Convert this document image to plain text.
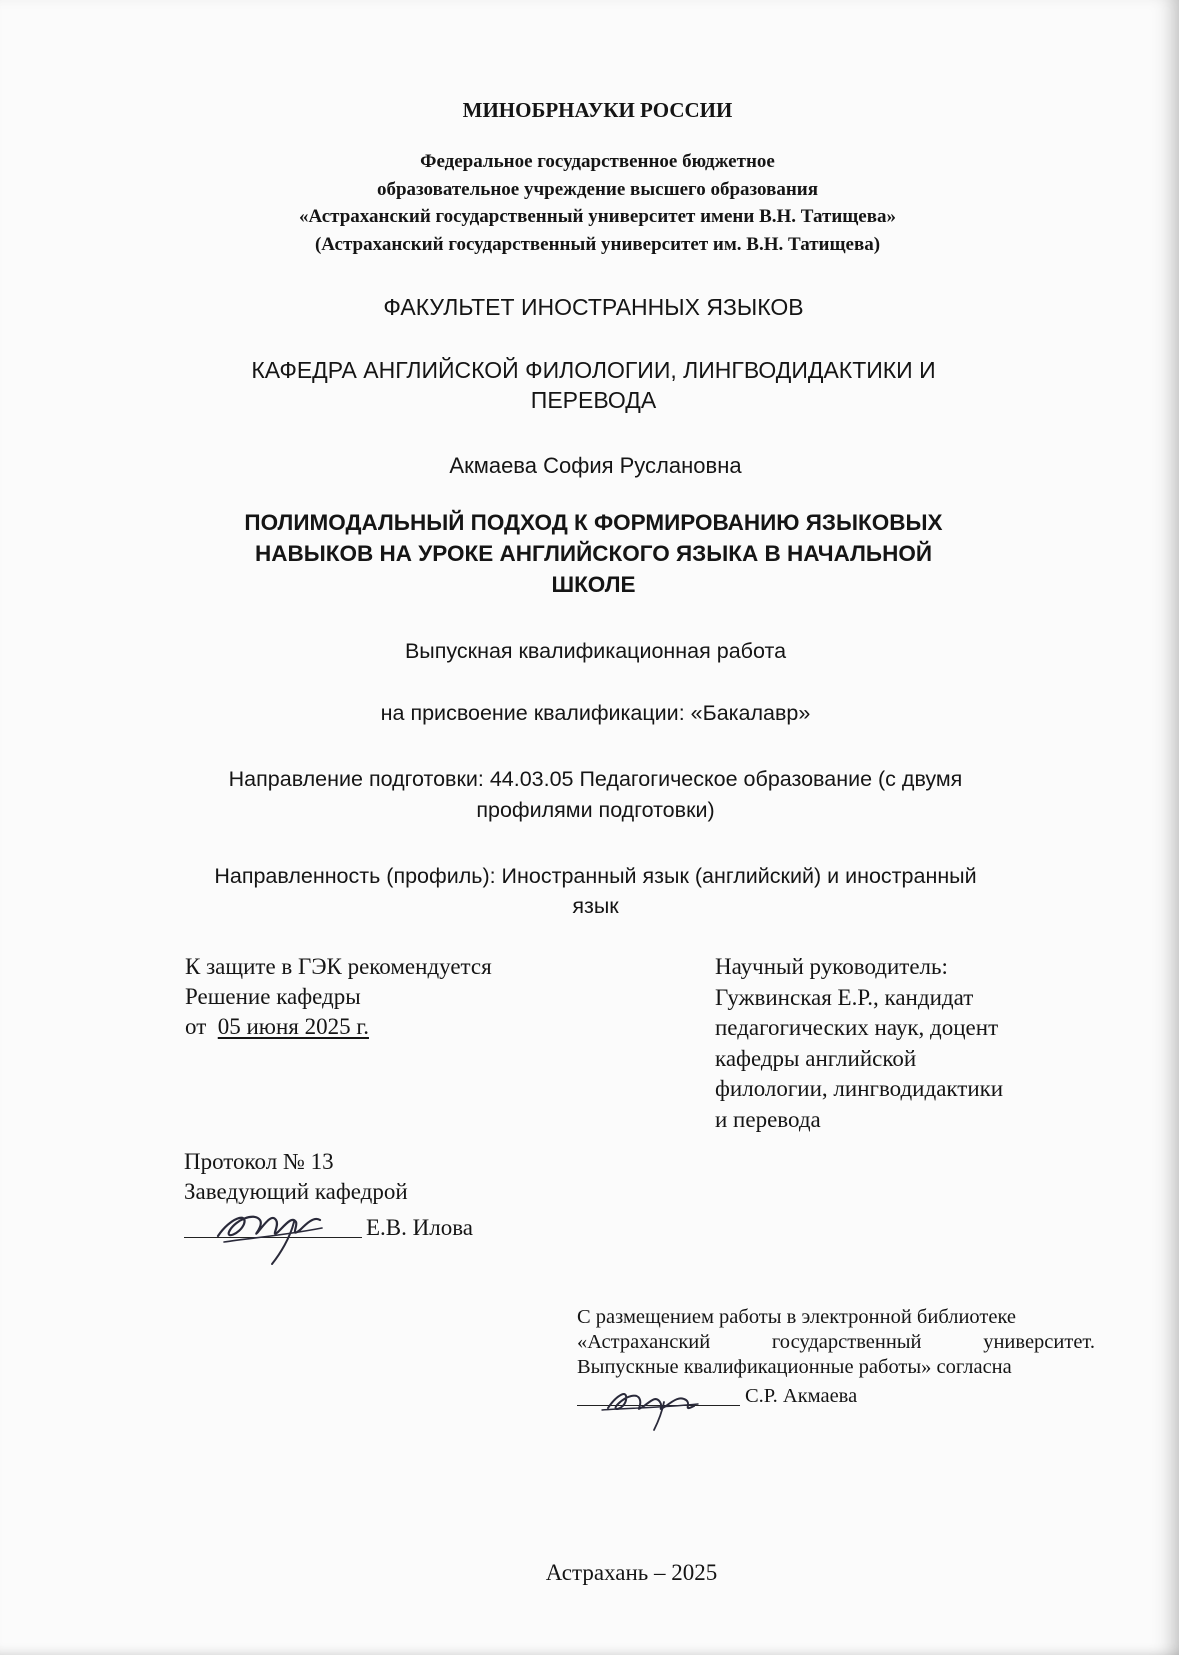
МИНОБРНАУКИ РОССИИ
Федеральное государственное бюджетное
образовательное учреждение высшего образования
«Астраханский государственный университет имени В.Н. Татищева»
(Астраханский государственный университет им. В.Н. Татищева)
ФАКУЛЬТЕТ ИНОСТРАННЫХ ЯЗЫКОВ
КАФЕДРА АНГЛИЙСКОЙ ФИЛОЛОГИИ, ЛИНГВОДИДАКТИКИ И
ПЕРЕВОДА
Акмаева София Руслановна
ПОЛИМОДАЛЬНЫЙ ПОДХОД К ФОРМИРОВАНИЮ ЯЗЫКОВЫХ
НАВЫКОВ НА УРОКЕ АНГЛИЙСКОГО ЯЗЫКА В НАЧАЛЬНОЙ
ШКОЛЕ
Выпускная квалификационная работа
на присвоение квалификации: «Бакалавр»
Направление подготовки: 44.03.05 Педагогическое образование (с двумя
профилями подготовки)
Направленность (профиль): Иностранный язык (английский) и иностранный
язык
К защите в ГЭК рекомендуется
Решение кафедры
от 05 июня 2025 г.
Научный руководитель:
Гужвинская Е.Р., кандидат
педагогических наук, доцент
кафедры английской
филологии, лингводидактики
и перевода
Протокол № 13
Заведующий кафедрой
Е.В. Илова
С размещением работы в электронной библиотеке
«Астраханский	государственный	университет.
Выпускные квалификационные работы» согласна
С.Р. Акмаева
Астрахань – 2025
